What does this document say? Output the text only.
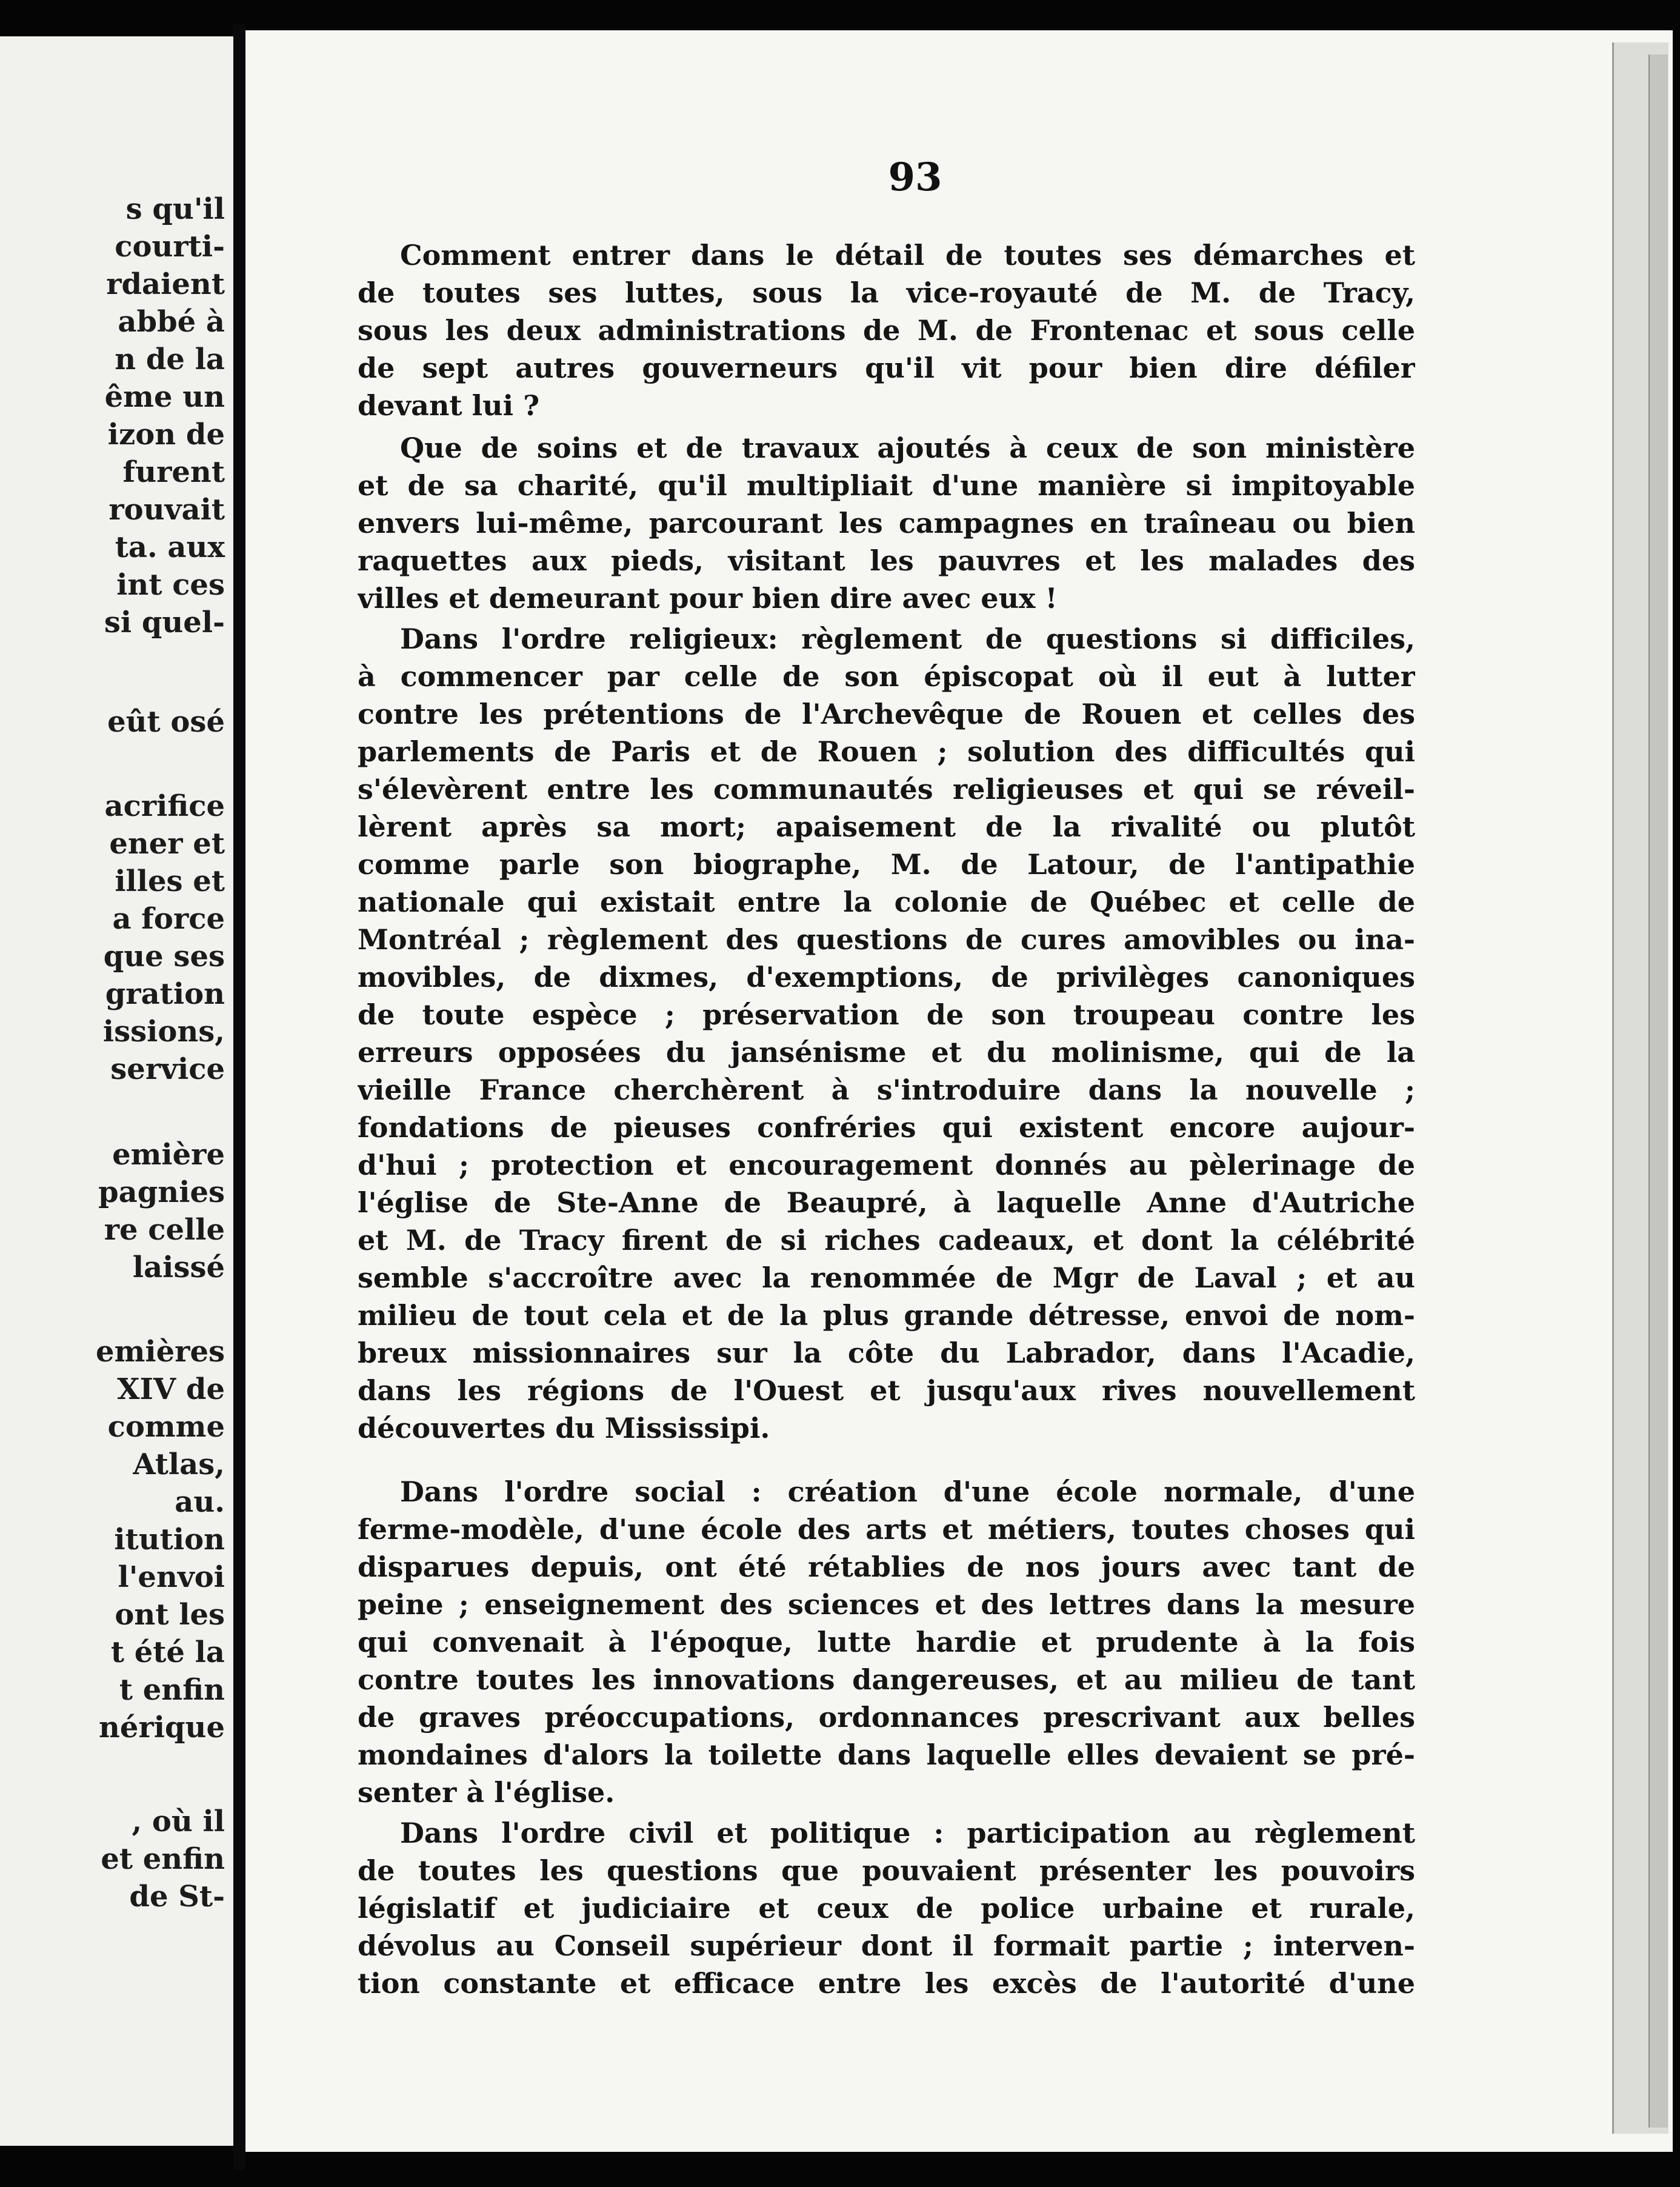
s qu'il
courti-
rdaient
abbé à
n de la
ême un
izon de
furent
rouvait
ta. aux
int ces
si quel-
eût osé
acrifice
ener et
illes et
a force
que ses
gration
issions,
service
emière
pagnies
re celle
laissé
emières
XIV de
comme
Atlas,
au.
itution
l'envoi
ont les
t été la
t enfin
nérique
, où il
et enfin
de St-
93
Comment entrer dans le détail de toutes ses démarches et
de toutes ses luttes, sous la vice-royauté de M. de Tracy,
sous les deux administrations de M. de Frontenac et sous celle
de sept autres gouverneurs qu'il vit pour bien dire défiler
devant lui ?
Que de soins et de travaux ajoutés à ceux de son ministère
et de sa charité, qu'il multipliait d'une manière si impitoyable
envers lui-même, parcourant les campagnes en traîneau ou bien
raquettes aux pieds, visitant les pauvres et les malades des
villes et demeurant pour bien dire avec eux !
Dans l'ordre religieux: règlement de questions si difficiles,
à commencer par celle de son épiscopat où il eut à lutter
contre les prétentions de l'Archevêque de Rouen et celles des
parlements de Paris et de Rouen ; solution des difficultés qui
s'élevèrent entre les communautés religieuses et qui se réveil-
lèrent après sa mort; apaisement de la rivalité ou plutôt
comme parle son biographe, M. de Latour, de l'antipathie
nationale qui existait entre la colonie de Québec et celle de
Montréal ; règlement des questions de cures amovibles ou ina-
movibles, de dixmes, d'exemptions, de privilèges canoniques
de toute espèce ; préservation de son troupeau contre les
erreurs opposées du jansénisme et du molinisme, qui de la
vieille France cherchèrent à s'introduire dans la nouvelle ;
fondations de pieuses confréries qui existent encore aujour-
d'hui ; protection et encouragement donnés au pèlerinage de
l'église de Ste-Anne de Beaupré, à laquelle Anne d'Autriche
et M. de Tracy firent de si riches cadeaux, et dont la célébrité
semble s'accroître avec la renommée de Mgr de Laval ; et au
milieu de tout cela et de la plus grande détresse, envoi de nom-
breux missionnaires sur la côte du Labrador, dans l'Acadie,
dans les régions de l'Ouest et jusqu'aux rives nouvellement
découvertes du Mississipi.
Dans l'ordre social : création d'une école normale, d'une
ferme-modèle, d'une école des arts et métiers, toutes choses qui
disparues depuis, ont été rétablies de nos jours avec tant de
peine ; enseignement des sciences et des lettres dans la mesure
qui convenait à l'époque, lutte hardie et prudente à la fois
contre toutes les innovations dangereuses, et au milieu de tant
de graves préoccupations, ordonnances prescrivant aux belles
mondaines d'alors la toilette dans laquelle elles devaient se pré-
senter à l'église.
Dans l'ordre civil et politique : participation au règlement
de toutes les questions que pouvaient présenter les pouvoirs
législatif et judiciaire et ceux de police urbaine et rurale,
dévolus au Conseil supérieur dont il formait partie ; interven-
tion constante et efficace entre les excès de l'autorité d'une
